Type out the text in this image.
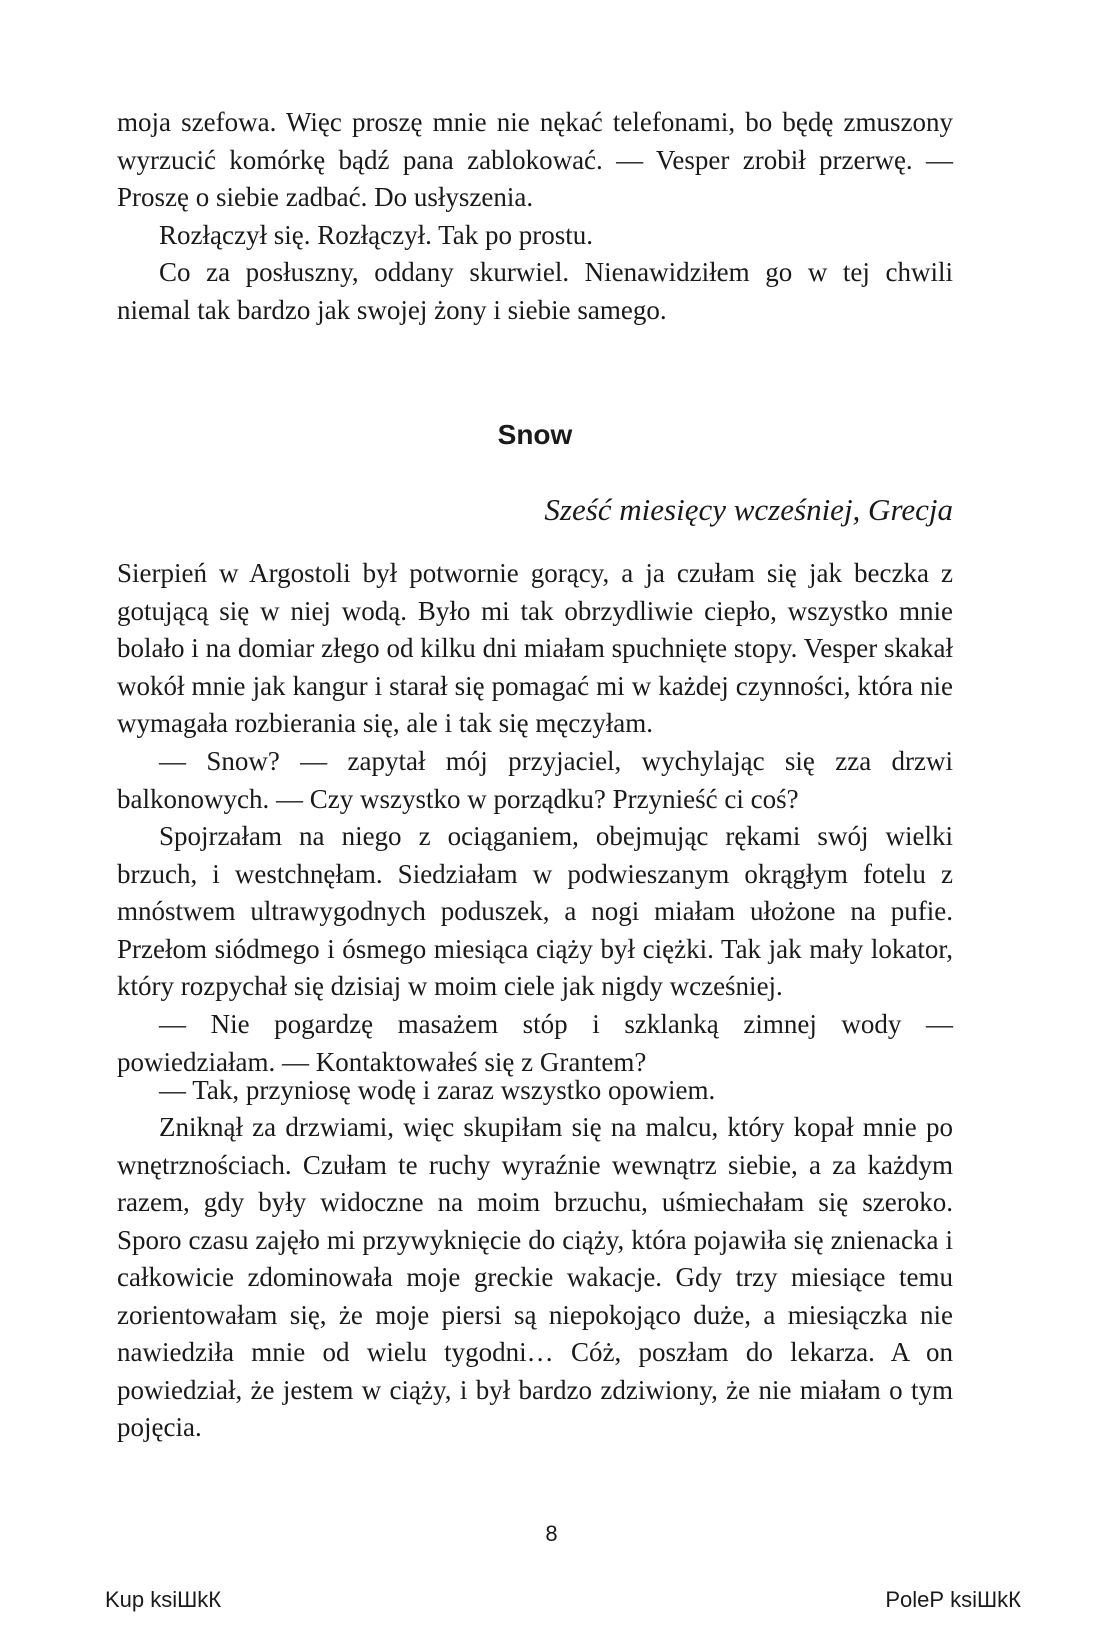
moja szefowa. Więc proszę mnie nie nękać telefonami, bo będę zmuszony wyrzucić komórkę bądź pana zablokować. — Vesper zrobił przerwę. — Proszę o siebie zadbać. Do usłyszenia.

Rozłączył się. Rozłączył. Tak po prostu.

Co za posłuszny, oddany skurwiel. Nienawidziłem go w tej chwili niemal tak bardzo jak swojej żony i siebie samego.

Snow

Sześć miesięcy wcześniej, Grecja

Sierpień w Argostoli był potwornie gorący, a ja czułam się jak beczka z gotującą się w niej wodą. Było mi tak obrzydliwie ciepło, wszystko mnie bolało i na domiar złego od kilku dni miałam spuchnięte stopy. Vesper skakał wokół mnie jak kangur i starał się pomagać mi w każdej czynności, która nie wymagała rozbierania się, ale i tak się męczyłam.

— Snow? — zapytał mój przyjaciel, wychylając się zza drzwi balkonowych. — Czy wszystko w porządku? Przynieść ci coś?

Spojrzałam na niego z ociąganiem, obejmując rękami swój wielki brzuch, i westchnęłam. Siedziałam w podwieszanym okrągłym fotelu z mnóstwem ultrawygodnych poduszek, a nogi miałam ułożone na pufie. Przełom siódmego i ósmego miesiąca ciąży był ciężki. Tak jak mały lokator, który rozpychał się dzisiaj w moim ciele jak nigdy wcześniej.

— Nie pogardzę masażem stóp i szklanką zimnej wody — powiedziałam. — Kontaktowałeś się z Grantem?

— Tak, przyniosę wodę i zaraz wszystko opowiem.

Zniknął za drzwiami, więc skupiłam się na malcu, który kopał mnie po wnętrznościach. Czułam te ruchy wyraźnie wewnątrz siebie, a za każdym razem, gdy były widoczne na moim brzuchu, uśmiechałam się szeroko. Sporo czasu zajęło mi przywyknięcie do ciąży, która pojawiła się znienacka i całkowicie zdominowała moje greckie wakacje. Gdy trzy miesiące temu zorientowałam się, że moje piersi są niepokojąco duże, a miesiączka nie nawiedziła mnie od wielu tygodni… Cóż, poszłam do lekarza. A on powiedział, że jestem w ciąży, i był bardzo zdziwiony, że nie miałam o tym pojęcia.

8
Kup ksiШkК	PoleР ksiШkК
